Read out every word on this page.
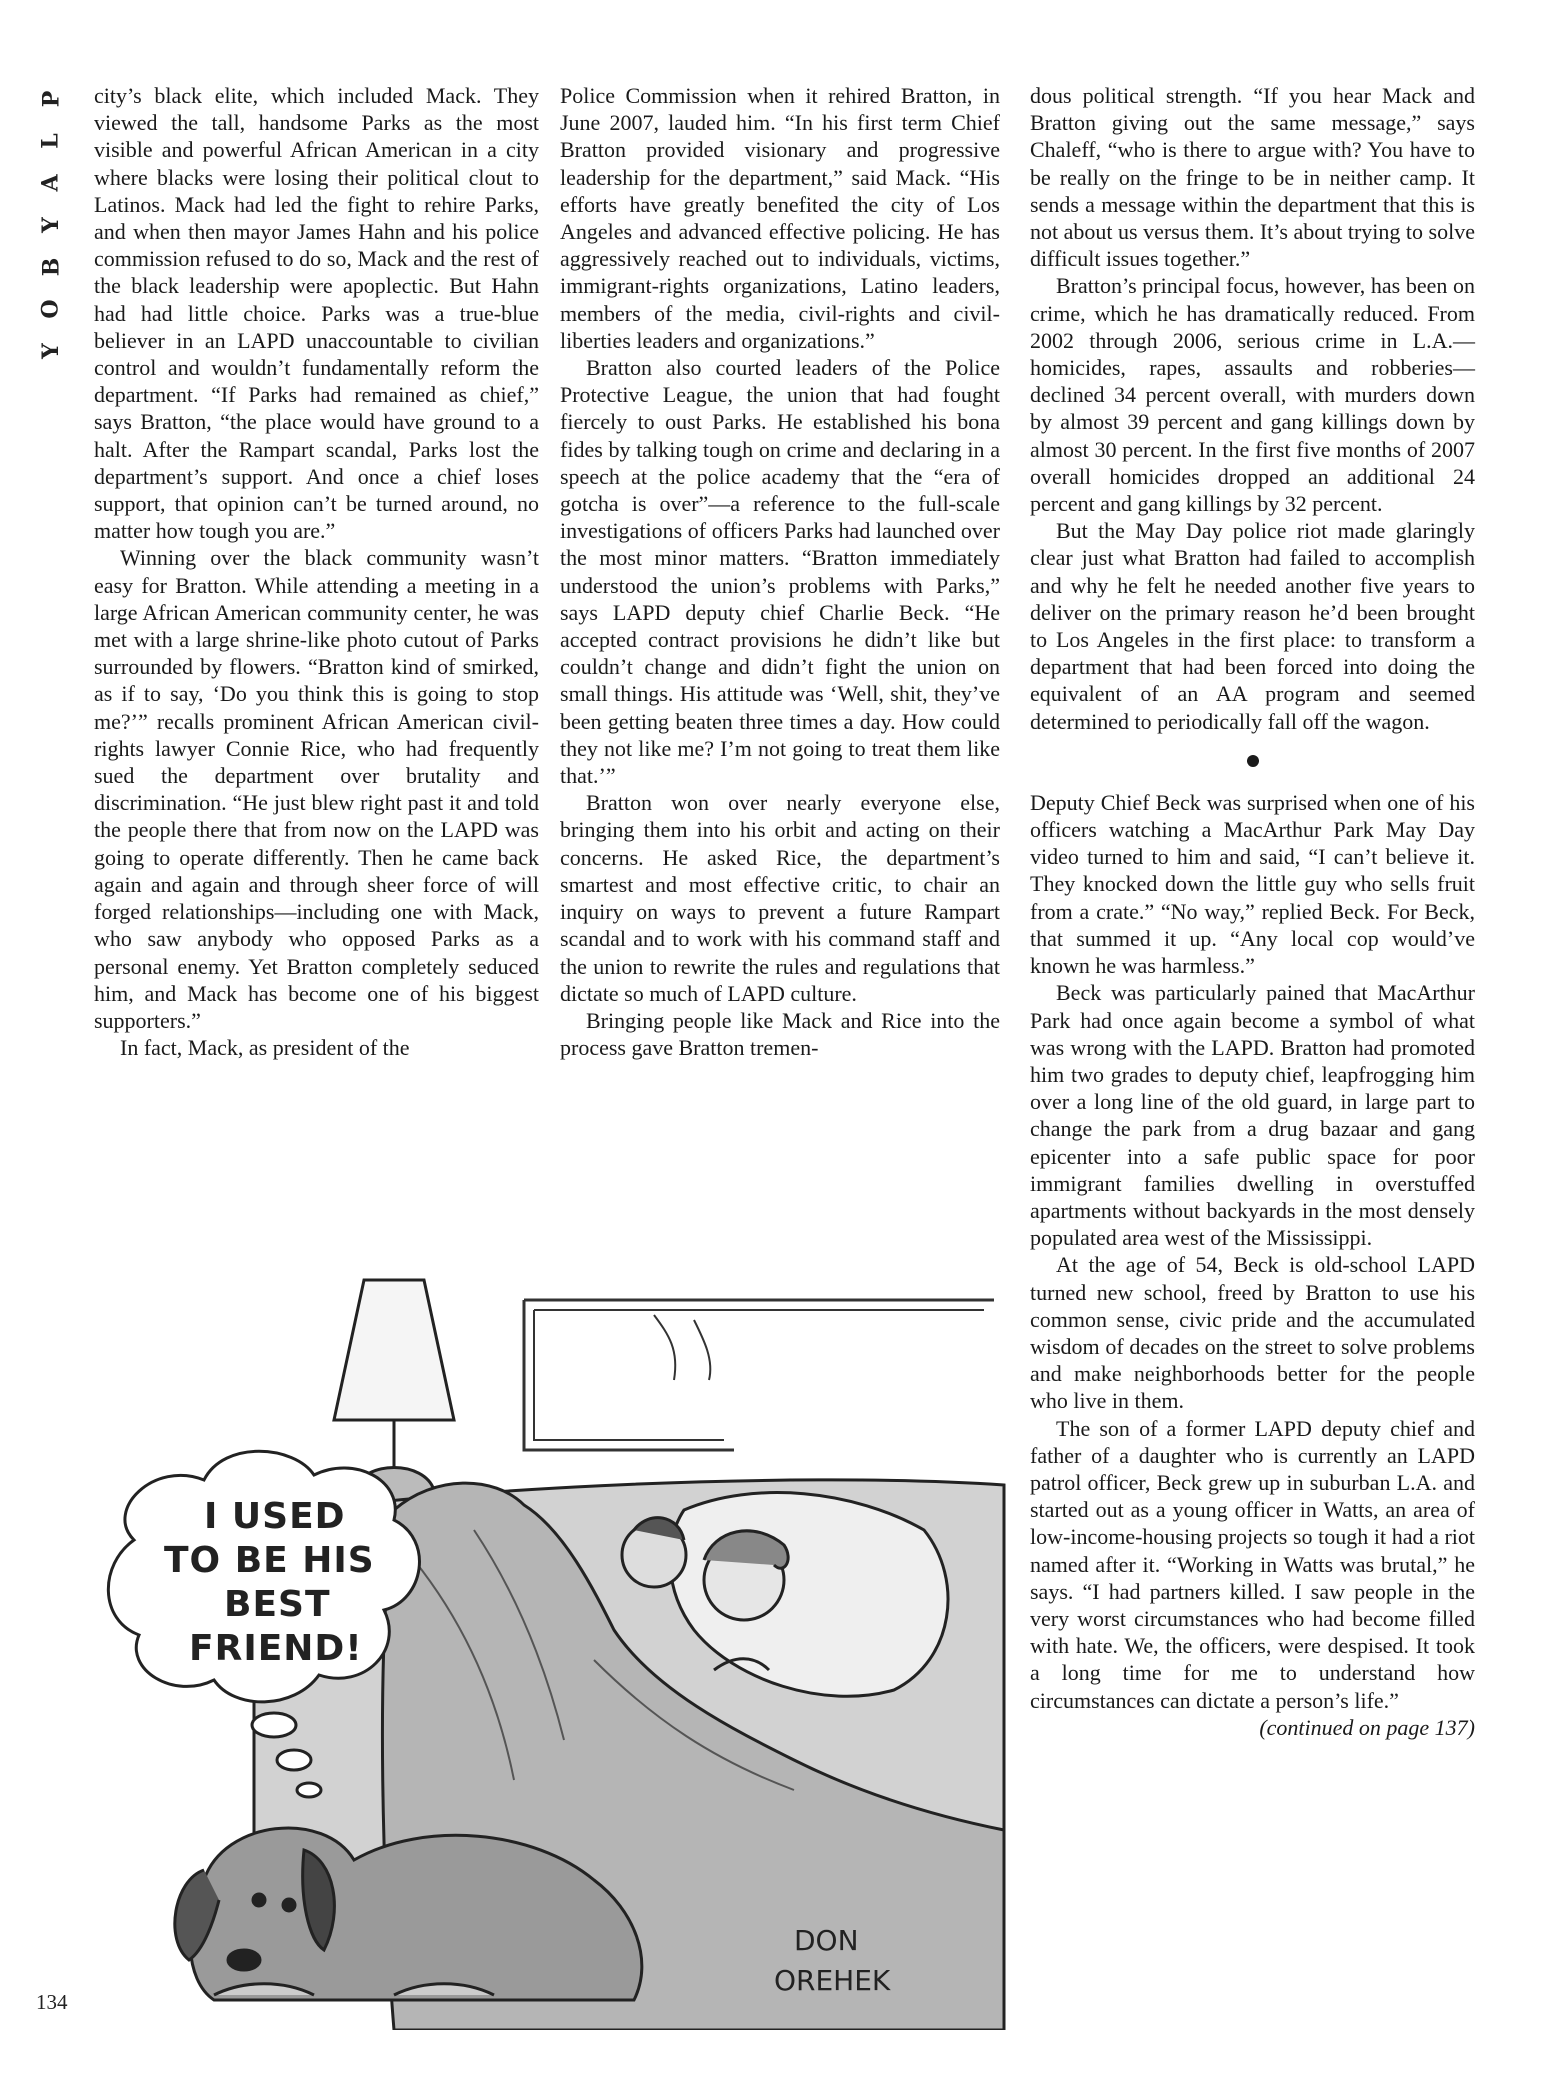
P
L
A
Y
B
O
Y

city’s black elite, which included Mack. They viewed the tall, handsome Parks as the most visible and powerful African American in a city where blacks were losing their political clout to Latinos. Mack had led the fight to rehire Parks, and when then mayor James Hahn and his police commission refused to do so, Mack and the rest of the black leadership were apoplectic. But Hahn had had little choice. Parks was a true-blue believer in an LAPD unaccountable to civilian control and wouldn’t fundamentally reform the department. “If Parks had remained as chief,” says Bratton, “the place would have ground to a halt. After the Rampart scandal, Parks lost the department’s support. And once a chief loses support, that opinion can’t be turned around, no matter how tough you are.”

Winning over the black community wasn’t easy for Bratton. While attending a meeting in a large African American community center, he was met with a large shrine-like photo cutout of Parks surrounded by flowers. “Bratton kind of smirked, as if to say, ‘Do you think this is going to stop me?’” recalls prominent African American civil-rights lawyer Connie Rice, who had frequently sued the department over brutality and discrimination. “He just blew right past it and told the people there that from now on the LAPD was going to operate differently. Then he came back again and again and through sheer force of will forged relationships—including one with Mack, who saw anybody who opposed Parks as a personal enemy. Yet Bratton completely seduced him, and Mack has become one of his biggest supporters.”

In fact, Mack, as president of the

Police Commission when it rehired Bratton, in June 2007, lauded him. “In his first term Chief Bratton provided visionary and progressive leadership for the department,” said Mack. “His efforts have greatly benefited the city of Los Angeles and advanced effective policing. He has aggressively reached out to individuals, victims, immigrant-rights organizations, Latino leaders, members of the media, civil-rights and civil-liberties leaders and organizations.”

Bratton also courted leaders of the Police Protective League, the union that had fought fiercely to oust Parks. He established his bona fides by talking tough on crime and declaring in a speech at the police academy that the “era of gotcha is over”—a reference to the full-scale investigations of officers Parks had launched over the most minor matters. “Bratton immediately understood the union’s problems with Parks,” says LAPD deputy chief Charlie Beck. “He accepted contract provisions he didn’t like but couldn’t change and didn’t fight the union on small things. His attitude was ‘Well, shit, they’ve been getting beaten three times a day. How could they not like me? I’m not going to treat them like that.’”

Bratton won over nearly everyone else, bringing them into his orbit and acting on their concerns. He asked Rice, the department’s smartest and most effective critic, to chair an inquiry on ways to prevent a future Rampart scandal and to work with his command staff and the union to rewrite the rules and regulations that dictate so much of LAPD culture.

Bringing people like Mack and Rice into the process gave Bratton tremen-

dous political strength. “If you hear Mack and Bratton giving out the same message,” says Chaleff, “who is there to argue with? You have to be really on the fringe to be in neither camp. It sends a message within the department that this is not about us versus them. It’s about trying to solve difficult issues together.”

Bratton’s principal focus, however, has been on crime, which he has dramatically reduced. From 2002 through 2006, serious crime in L.A.—homicides, rapes, assaults and robberies—declined 34 percent overall, with murders down by almost 39 percent and gang killings down by almost 30 percent. In the first five months of 2007 overall homicides dropped an additional 24 percent and gang killings by 32 percent.

But the May Day police riot made glaringly clear just what Bratton had failed to accomplish and why he felt he needed another five years to deliver on the primary reason he’d been brought to Los Angeles in the first place: to transform a department that had been forced into doing the equivalent of an AA program and seemed determined to periodically fall off the wagon.

Deputy Chief Beck was surprised when one of his officers watching a MacArthur Park May Day video turned to him and said, “I can’t believe it. They knocked down the little guy who sells fruit from a crate.” “No way,” replied Beck. For Beck, that summed it up. “Any local cop would’ve known he was harmless.”

Beck was particularly pained that MacArthur Park had once again become a symbol of what was wrong with the LAPD. Bratton had promoted him two grades to deputy chief, leapfrogging him over a long line of the old guard, in large part to change the park from a drug bazaar and gang epicenter into a safe public space for poor immigrant families dwelling in overstuffed apartments without backyards in the most densely populated area west of the Mississippi.

At the age of 54, Beck is old-school LAPD turned new school, freed by Bratton to use his common sense, civic pride and the accumulated wisdom of decades on the street to solve problems and make neighborhoods better for the people who live in them.

The son of a former LAPD deputy chief and father of a daughter who is currently an LAPD patrol officer, Beck grew up in suburban L.A. and started out as a young officer in Watts, an area of low-income-housing projects so tough it had a riot named after it. “Working in Watts was brutal,” he says. “I had partners killed. I saw people in the very worst circumstances who had become filled with hate. We, the officers, were despised. It took a long time for me to understand how circumstances can dictate a person’s life.”

(continued on page 137)

I USED
TO BE HIS
BEST
FRIEND!
DON
OREHEK
134
